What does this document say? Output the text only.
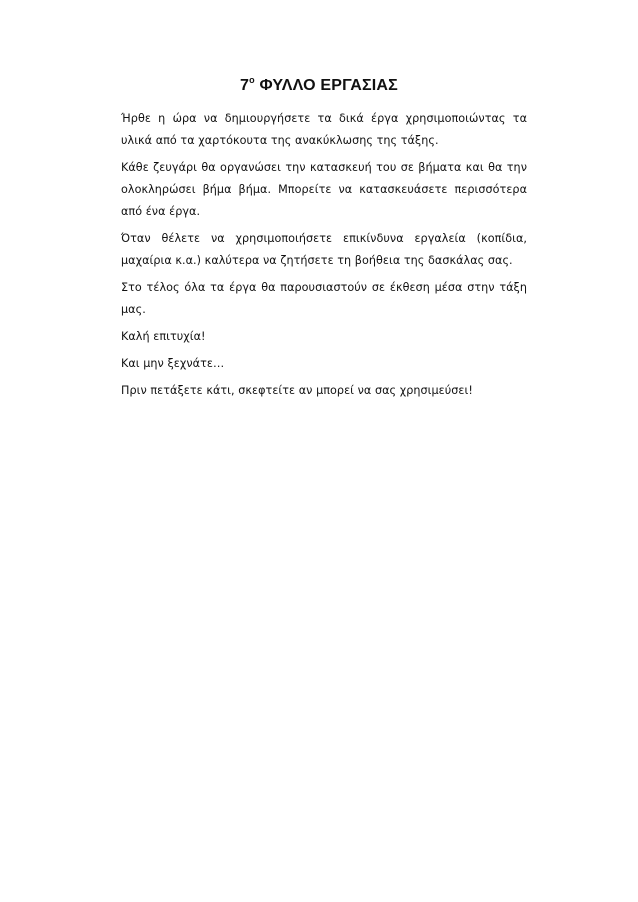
$7^o$ ΦΥΛΛΟ ΕΡΓΑΣΙΑΣ

Ήρθε η ώρα να δημιουργήσετε τα δικά έργα χρησιμοποιώντας τα υλικά από τα χαρτόκουτα της ανακύκλωσης της τάξης.

Κάθε ζευγάρι θα οργανώσει την κατασκευή του σε βήματα και θα την ολοκληρώσει βήμα βήμα. Μπορείτε να κατασκευάσετε περισσότερα από ένα έργα.

Όταν θέλετε να χρησιμοποιήσετε επικίνδυνα εργαλεία (κοπίδια, μαχαίρια κ.α.) καλύτερα να ζητήσετε τη βοήθεια της δασκάλας σας.

Στο τέλος όλα τα έργα θα παρουσιαστούν σε έκθεση μέσα στην τάξη μας.

Καλή επιτυχία!

Και μην ξεχνάτε…

Πριν πετάξετε κάτι, σκεφτείτε αν μπορεί να σας χρησιμεύσει!
